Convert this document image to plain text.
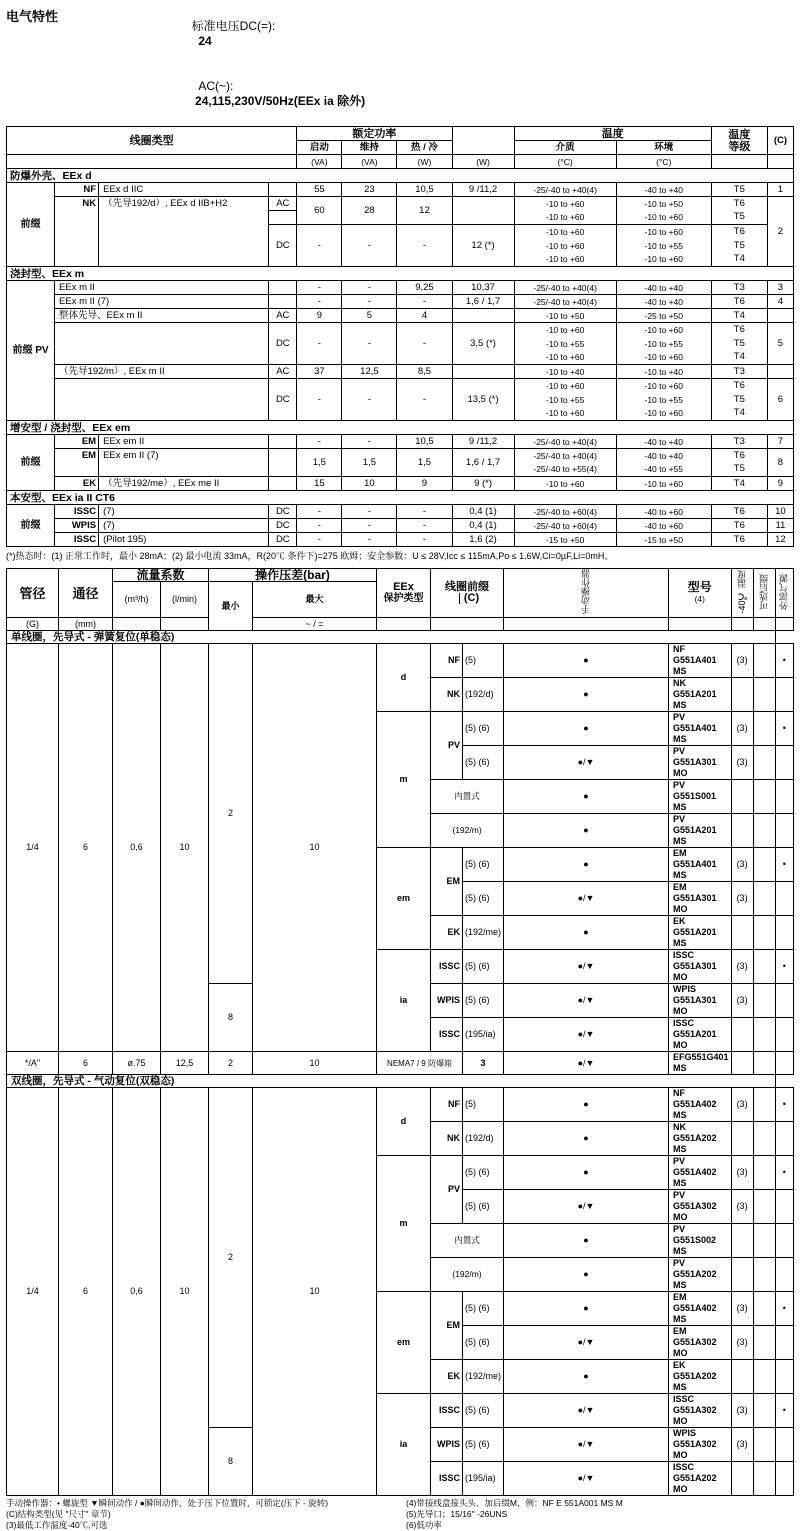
电气特性

标准电压DC(=):
24

AC(~):
24,115,230V/50Hz(EEx ia 除外)

线圈类型				额定功率				温度		温度
等级	(C)
				启动	维持	热 / 冷		介质	环境		
				(VA)	(VA)	(W)	(W)	(°C)	(°C)		
防爆外壳、EEx d											
前缀	NF	EEx d IIC		55	23	10,5	9 /11,2	-25/-40 to +40(4)	-40 to +40	T5	1
	NK	（先导192/d）, EEx d IIB+H2	AC	60	28	12		-10 to +60	-10 to +50	T6	2
								-10 to +60	-10 to +60	T5	
			DC	-	-	-	12 (*)	-10 to +60	-10 to +60	T6	
								-10 to +60	-10 to +55	T5	
								-10 to +60	-10 to +60	T4	
浇封型、EEx m											
前缀 PV	EEx m II			-	-	9,25	10,37	-25/-40 to +40(4)	-40 to +40	T3	3
	EEx m II (7)			-	-	-	1,6 / 1,7	-25/-40 to +40(4)	-40 to +40	T6	4
	整体先导、EEx m II		AC	9	5	4		-10 to +50	-25 to +50	T4	
			DC	-	-	-	3,5 (*)	-10 to +60	-10 to +60	T6	5
								-10 to +55	-10 to +55	T5	
								-10 to +60	-10 to +60	T4	
	（先导192/m）, EEx m II		AC	37	12,5	8,5		-10 to +40	-10 to +40	T3	
			DC	-	-	-	13,5 (*)	-10 to +60	-10 to +60	T6	6
								-10 to +55	-10 to +55	T5	
								-10 to +60	-10 to +60	T4	
增安型 / 浇封型、EEx em											
前缀	EM	EEx em II		-	-	10,5	9 /11,2	-25/-40 to +40(4)	-40 to +40	T3	7
	EM	EEx em II (7)		1,5	1,5	1,5	1,6 / 1,7	-25/-40 to +40(4)	-40 to +40	T6	8
								-25/-40 to +55(4)	-40 to +55	T5	
	EK	（先导192/me）, EEx me II		15	10	9	9 (*)	-10 to +60	-10 to +60	T4	9
本安型、EEx ia II CT6											
前缀	ISSC	(7)	DC	-	-	-	0,4 (1)	-25/-40 to +60(4)	-40 to +60	T6	10
	WPIS	(7)	DC	-	-	-	0,4 (1)	-25/-40 to +60(4)	-40 to +60	T6	11
	ISSC	(Pilot 195)	DC	-	-	-	1,6 (2)	-15 to +50	-15 to +50	T6	12
(*)热态时：(1) 正常工作时，最小 28mA；(2) 最小电流 33mA，R(20℃ 条件下)=275 欧姆；安全参数：U ≤ 28V,Icc ≤ 115mA,Po ≤ 1.6W,Ci=0µF,Li=0mH。
管径	通径	流量系数		操作压差(bar)		EEx
保护类型	线圈前缀 (C)		手动操作器	型号
(4)	-40℃ 温度	可选后缀	外部气源
		(m³/h)	(l/min)	最小	最大								
(G)	(mm)				~ / =								
单线圈，先导式 - 弹簧复位(单稳态)													
1/4	6	0,6	10	2	10	d	NF	(5)	●	NF G551A401 MS	(3)		•
							NK	(192/d)	●	NK G551A201 MS			
						m	PV	(5) (6)	●	PV G551A401 MS	(3)		•
								(5) (6)	●/▼	PV G551A301 MO	(3)		
							内置式		●	PV G551S001 MS			
							(192/m)		●	PV G551A201 MS			
						em	EM	(5) (6)	●	EM G551A401 MS	(3)		•
								(5) (6)	●/▼	EM G551A301 MO	(3)		
							EK	(192/me)	●	EK G551A201 MS			
						ia	ISSC	(5) (6)	●/▼	ISSC G551A301 MO	(3)		•
				8			WPIS	(5) (6)	●/▼	WPIS G551A301 MO	(3)		
							ISSC	(195/ia)	●/▼	ISSC G551A201 MO			
*/A"	6	ø.75	12,5	2	10	NEMA7 / 9 防爆箱		3	●/▼	EFG551G401 MS			
双线圈，先导式 - 气动复位(双稳态)													
1/4	6	0,6	10	2	10	d	NF	(5)	●	NF G551A402 MS	(3)		•
							NK	(192/d)	●	NK G551A202 MS			
						m	PV	(5) (6)	●	PV G551A402 MS	(3)		•
								(5) (6)	●/▼	PV G551A302 MO	(3)		
							内置式		●	PV G551S002 MS			
							(192/m)		●	PV G551A202 MS			
						em	EM	(5) (6)	●	EM G551A402 MS	(3)		•
								(5) (6)	●/▼	EM G551A302 MO	(3)		
							EK	(192/me)	●	EK G551A202 MS			
						ia	ISSC	(5) (6)	●/▼	ISSC G551A302 MO	(3)		•
				8			WPIS	(5) (6)	●/▼	WPIS G551A302 MO	(3)		
							ISSC	(195/ia)	●/▼	ISSC G551A202 MO			
手动操作器：• 螺旋型 ▼瞬间动作 / ●瞬间动作，处于压下位置时，可锁定(压下 - 旋转)
(C)结构类型(见 "尺寸" 章节)
(3)最低工作温度-40℃,可选
(4)带接线盒接头头、加后缀M，例：NF E 551A001 MS M
(5)先导口；15/16" -26UNS
(6)低功率
